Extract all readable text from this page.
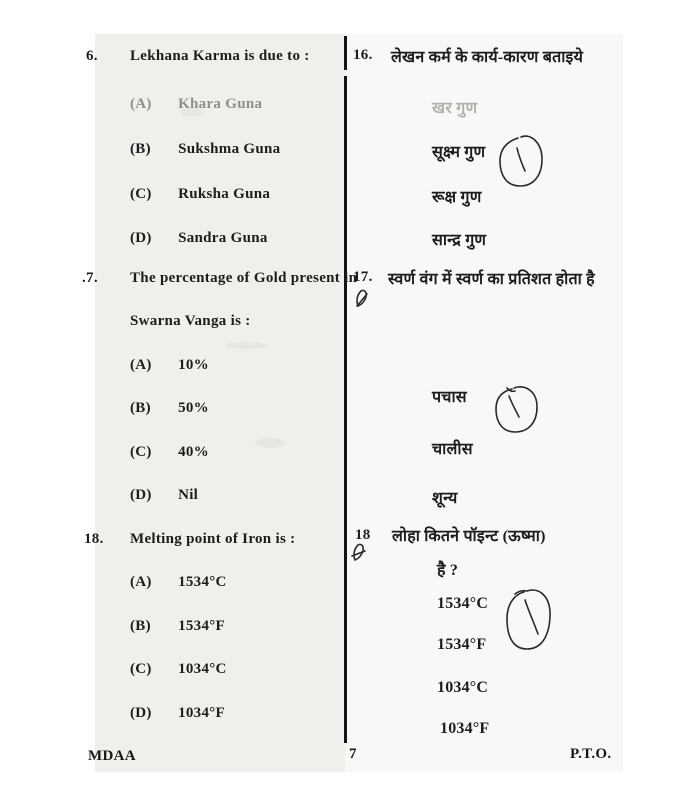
6. Lekhana Karma is due to :
(A) Khara Guna
(B) Sukshma Guna
(C) Ruksha Guna
(D) Sandra Guna
.7. The percentage of Gold present in
Swarna Vanga is :
(A) 10%
(B) 50%
(C) 40%
(D) Nil
18. Melting point of Iron is :
(A) 1534°C
(B) 1534°F
(C) 1034°C
(D) 1034°F
16. लेखन कर्म के कार्य-कारण बताइये
खर गुण
सूक्ष्म गुण
रूक्ष गुण
सान्द्र गुण
17. स्वर्ण वंग में स्वर्ण का प्रतिशत होता है
पचास
चालीस
शून्य
18 लोहा कितने पॉइन्ट (ऊष्मा)
है ?
1534°C
1534°F
1034°C
1034°F
MDAA	7	P.T.O.
